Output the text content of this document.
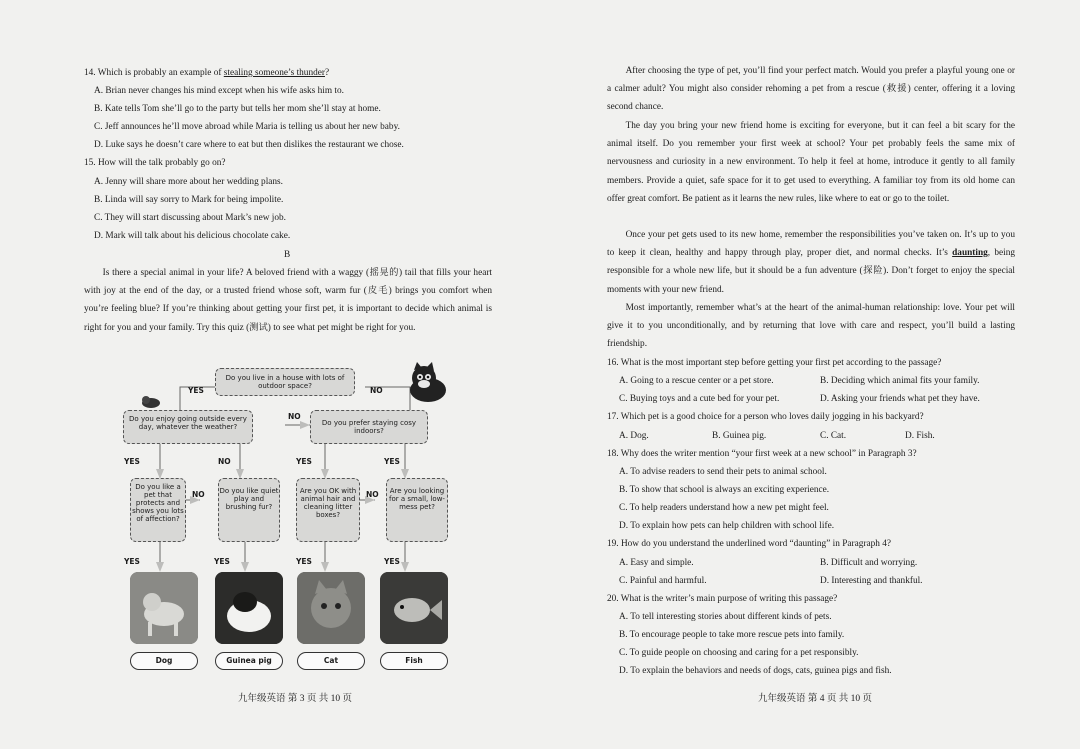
14. Which is probably an example of stealing someone’s thunder?
A. Brian never changes his mind except when his wife asks him to.
B. Kate tells Tom she’ll go to the party but tells her mom she’ll stay at home.
C. Jeff announces he’ll move abroad while Maria is telling us about her new baby.
D. Luke says he doesn’t care where to eat but then dislikes the restaurant we chose.
15. How will the talk probably go on?
A. Jenny will share more about her wedding plans.
B. Linda will say sorry to Mark for being impolite.
C. They will start discussing about Mark’s new job.
D. Mark will talk about his delicious chocolate cake.
B
Is there a special animal in your life? A beloved friend with a waggy (摇晃的) tail that fills your heart with joy at the end of the day, or a trusted friend whose soft, warm fur (皮毛) brings you comfort when you’re feeling blue? If you’re thinking about getting your first pet, it is important to decide which animal is right for you and your family. Try this quiz (测试) to see what pet might be right for you.
Do you live in a house with lots of outdoor space?
YES	NO
Do you enjoy going outside every day, whatever the weather?
NO
Do you prefer staying cosy indoors?
YES	NO	YES	YES
Do you like a pet that protects and shows you lots of affection?
NO Do you like quiet play and brushing fur?
Are you OK with animal hair and cleaning litter boxes?
NO	Are you looking for a small, low-mess pet?
YES	YES	YES	YES
Dog	Guinea pig	Cat	Fish
九年级英语 第 3 页 共 10 页
After choosing the type of pet, you’ll find your perfect match. Would you prefer a playful young one or a calmer adult? You might also consider rehoming a pet from a rescue (救援) center, offering it a loving second chance.
The day you bring your new friend home is exciting for everyone, but it can feel a bit scary for the animal itself. Do you remember your first week at school? Your pet probably feels the same mix of nervousness and curiosity in a new environment. To help it feel at home, introduce it gently to all family members. Provide a quiet, safe space for it to get used to everything. A familiar toy from its old home can offer great comfort. Be patient as it learns the new rules, like where to eat or go to the toilet.
Once your pet gets used to its new home, remember the responsibilities you’ve taken on. It’s up to you to keep it clean, healthy and happy through play, proper diet, and normal checks. It’s daunting, being responsible for a whole new life, but it should be a fun adventure (探险). Don’t forget to enjoy the special moments with your new friend.
Most importantly, remember what’s at the heart of the animal-human relationship: love. Your pet will give it to you unconditionally, and by returning that love with care and respect, you’ll build a lasting friendship.
16. What is the most important step before getting your first pet according to the passage?
A. Going to a rescue center or a pet store.	B. Deciding which animal fits your family.
C. Buying toys and a cute bed for your pet.	D. Asking your friends what pet they have.
17. Which pet is a good choice for a person who loves daily jogging in his backyard?
A. Dog.	B. Guinea pig.	C. Cat.	D. Fish.
18. Why does the writer mention “your first week at a new school” in Paragraph 3?
A. To advise readers to send their pets to animal school.
B. To show that school is always an exciting experience.
C. To help readers understand how a new pet might feel.
D. To explain how pets can help children with school life.
19. How do you understand the underlined word “daunting” in Paragraph 4?
A. Easy and simple.	B. Difficult and worrying.
C. Painful and harmful.	D. Interesting and thankful.
20. What is the writer’s main purpose of writing this passage?
A. To tell interesting stories about different kinds of pets.
B. To encourage people to take more rescue pets into family.
C. To guide people on choosing and caring for a pet responsibly.
D. To explain the behaviors and needs of dogs, cats, guinea pigs and fish.
九年级英语 第 4 页 共 10 页
